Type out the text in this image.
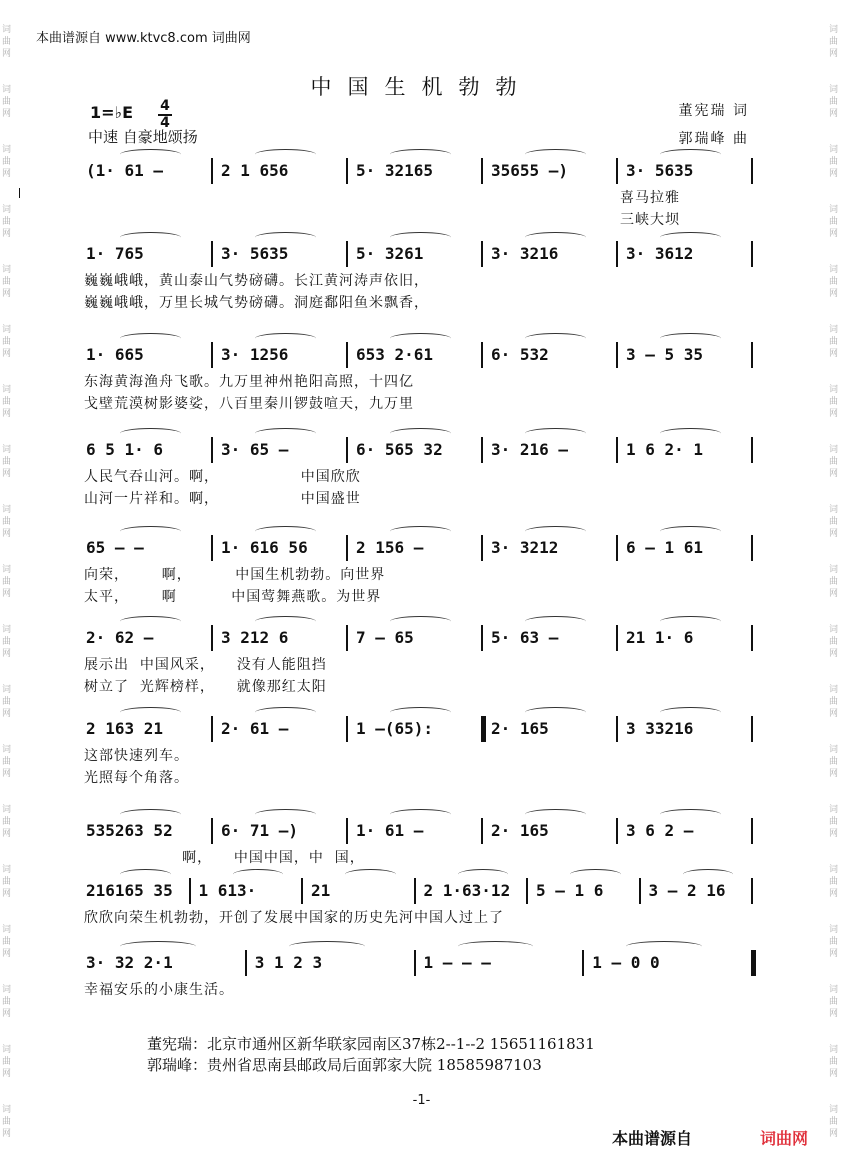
本曲谱源自 www.ktvc8.com 词曲网
词
曲
网
词
曲
网
词
曲
网
词
曲
网
词
曲
网
词
曲
网
词
曲
网
词
曲
网
词
曲
网
词
曲
网
词
曲
网
词
曲
网
词
曲
网
词
曲
网
词
曲
网
词
曲
网
词
曲
网
词
曲
网
词
曲
网
词
曲
网
词
曲
网
词
曲
网
词
曲
网
词
曲
网
词
曲
网
词
曲
网
词
曲
网
词
曲
网
词
曲
网
词
曲
网
词
曲
网
词
曲
网
词
曲
网
词
曲
网
词
曲
网
词
曲
网
词
曲
网
词
曲
网
中国生机勃勃
1=♭E 4
4
中速 自豪地颂扬
董宪瑞 词
郭瑞峰 曲
(1· 61 –	2 1 656	5· 32165	35655 –)	3· 5635
喜马拉雅
三峡大坝
1· 765	3· 5635	5· 3261	3· 3216	3· 3612
巍巍峨峨，黄山泰山气势磅礴。长江黄河涛声依旧，
巍巍峨峨，万里长城气势磅礴。洞庭鄱阳鱼米飘香，
1· 665	3· 1256	653 2·61	6· 532	3 – 5 35
东海黄海渔舟飞歌。九万里神州艳阳高照，十四亿
戈壁荒漠树影婆娑，八百里秦川锣鼓喧天，九万里
6 5 1· 6	3· 65 –	6· 565 32	3· 216 –	1 6 2· 1
人民气吞山河。啊，               中国欣欣
山河一片祥和。啊，               中国盛世
65 – –	1· 616 56	2 156 –	3· 3212	6 – 1 61
向荣，      啊，        中国生机勃勃。向世界
太平，      啊          中国莺舞燕歌。为世界
2· 62 –	3 212 6	7 – 65	5· 63 –	21 1· 6
展示出  中国风采，    没有人能阻挡
树立了  光辉榜样，    就像那红太阳
2 163 21	2· 61 –	1 –(65):	2· 165	3 33216
这部快速列车。
光照每个角落。
535263 52	6· 71 –)	1· 61 –	2· 165	3 6 2 –
啊，    中国中国，中  国，
216165 35 1 613·	21	2 1·63·12 5 – 1 6	3 – 2 16
欣欣向荣生机勃勃，开创了发展中国家的历史先河中国人过上了
3· 32 2·1	3 1 2 3	1 – – –	1 – 0 0
幸福安乐的小康生活。
董宪瑞：北京市通州区新华联家园南区37栋2--1--2 15651161831
郭瑞峰：贵州省思南县邮政局后面郭家大院 18585987103
-1-
本曲谱源自	词曲网
